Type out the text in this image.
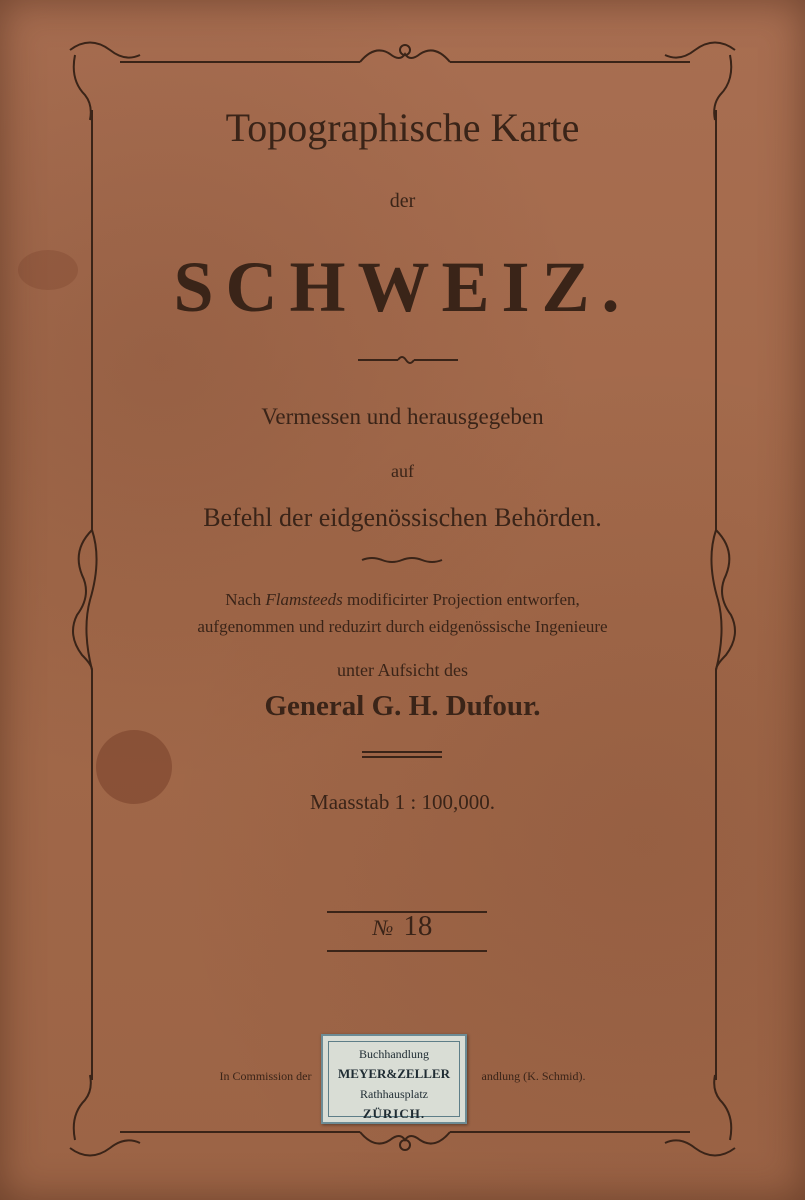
Topographische Karte
der
SCHWEIZ.
Vermessen und herausgegeben
auf
Befehl der eidgenössischen Behörden.
Nach Flamsteeds modificirter Projection entworfen,
aufgenommen und reduzirt durch eidgenössische Ingenieure
unter Aufsicht des
General G. H. Dufour.
Maasstab 1 : 100,000.
№ 18
In Commission der	andlung (K. Schmid).
Buchhandlung
MEYER&ZELLER
Rathhausplatz
ZÜRICH.
